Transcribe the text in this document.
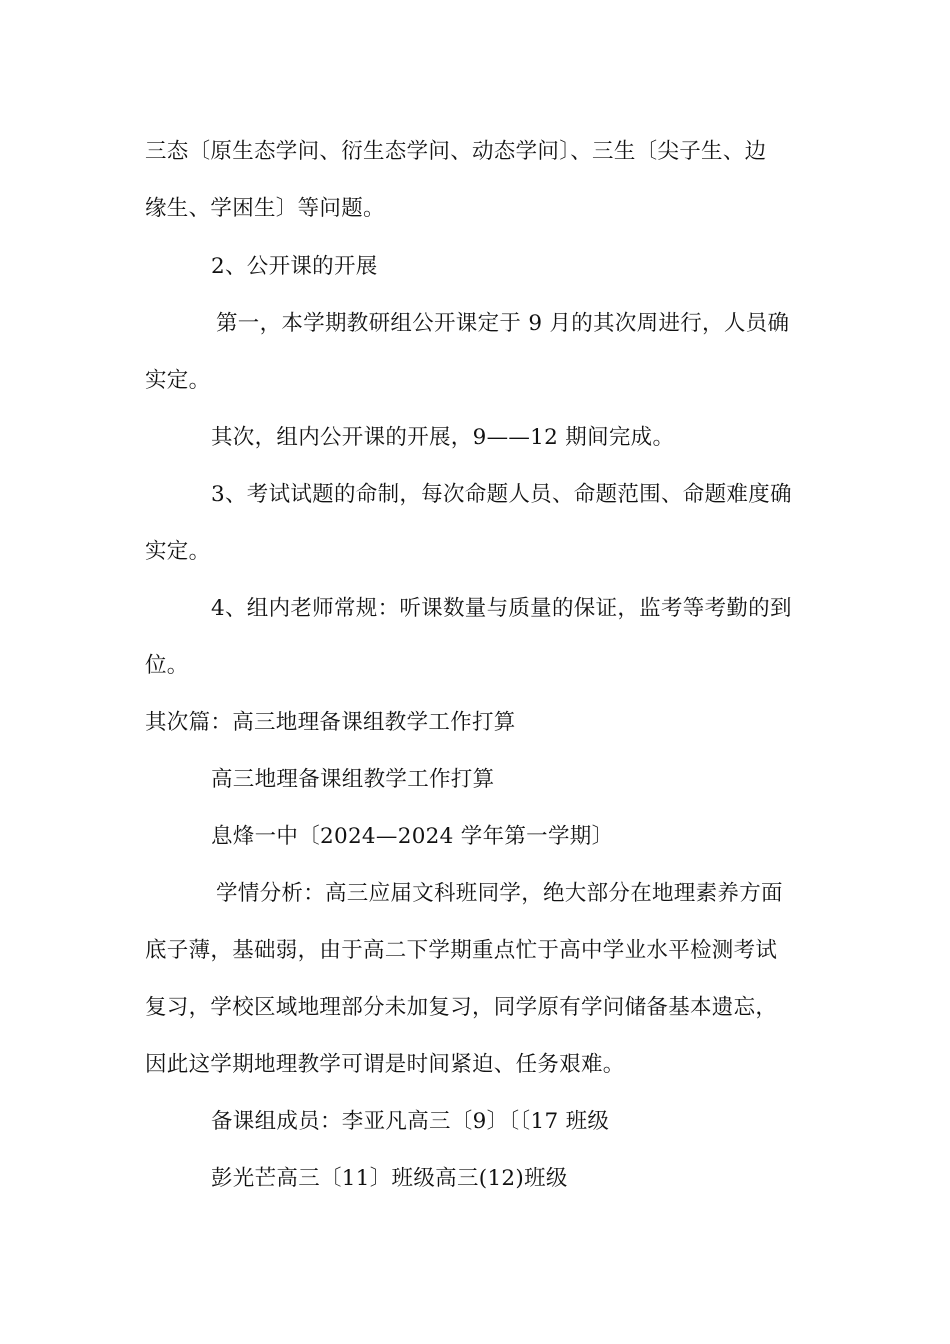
三态〔原生态学问、衍生态学问、动态学问〕、三生〔尖子生、边
缘生、学困生〕等问题。
2、公开课的开展
第一，本学期教研组公开课定于 9 月的其次周进行，人员确
实定。
其次，组内公开课的开展，9——12 期间完成。
3、考试试题的命制，每次命题人员、命题范围、命题难度确
实定。
4、组内老师常规：听课数量与质量的保证，监考等考勤的到
位。
其次篇：高三地理备课组教学工作打算
高三地理备课组教学工作打算
息烽一中〔2024—2024 学年第一学期〕
学情分析：高三应届文科班同学，绝大部分在地理素养方面
底子薄，基础弱，由于高二下学期重点忙于高中学业水平检测考试
复习，学校区域地理部分未加复习，同学原有学问储备基本遗忘，
因此这学期地理教学可谓是时间紧迫、任务艰难。
备课组成员：李亚凡高三〔9〕〔〔17 班级
彭光芒高三〔11〕班级高三(12)班级
